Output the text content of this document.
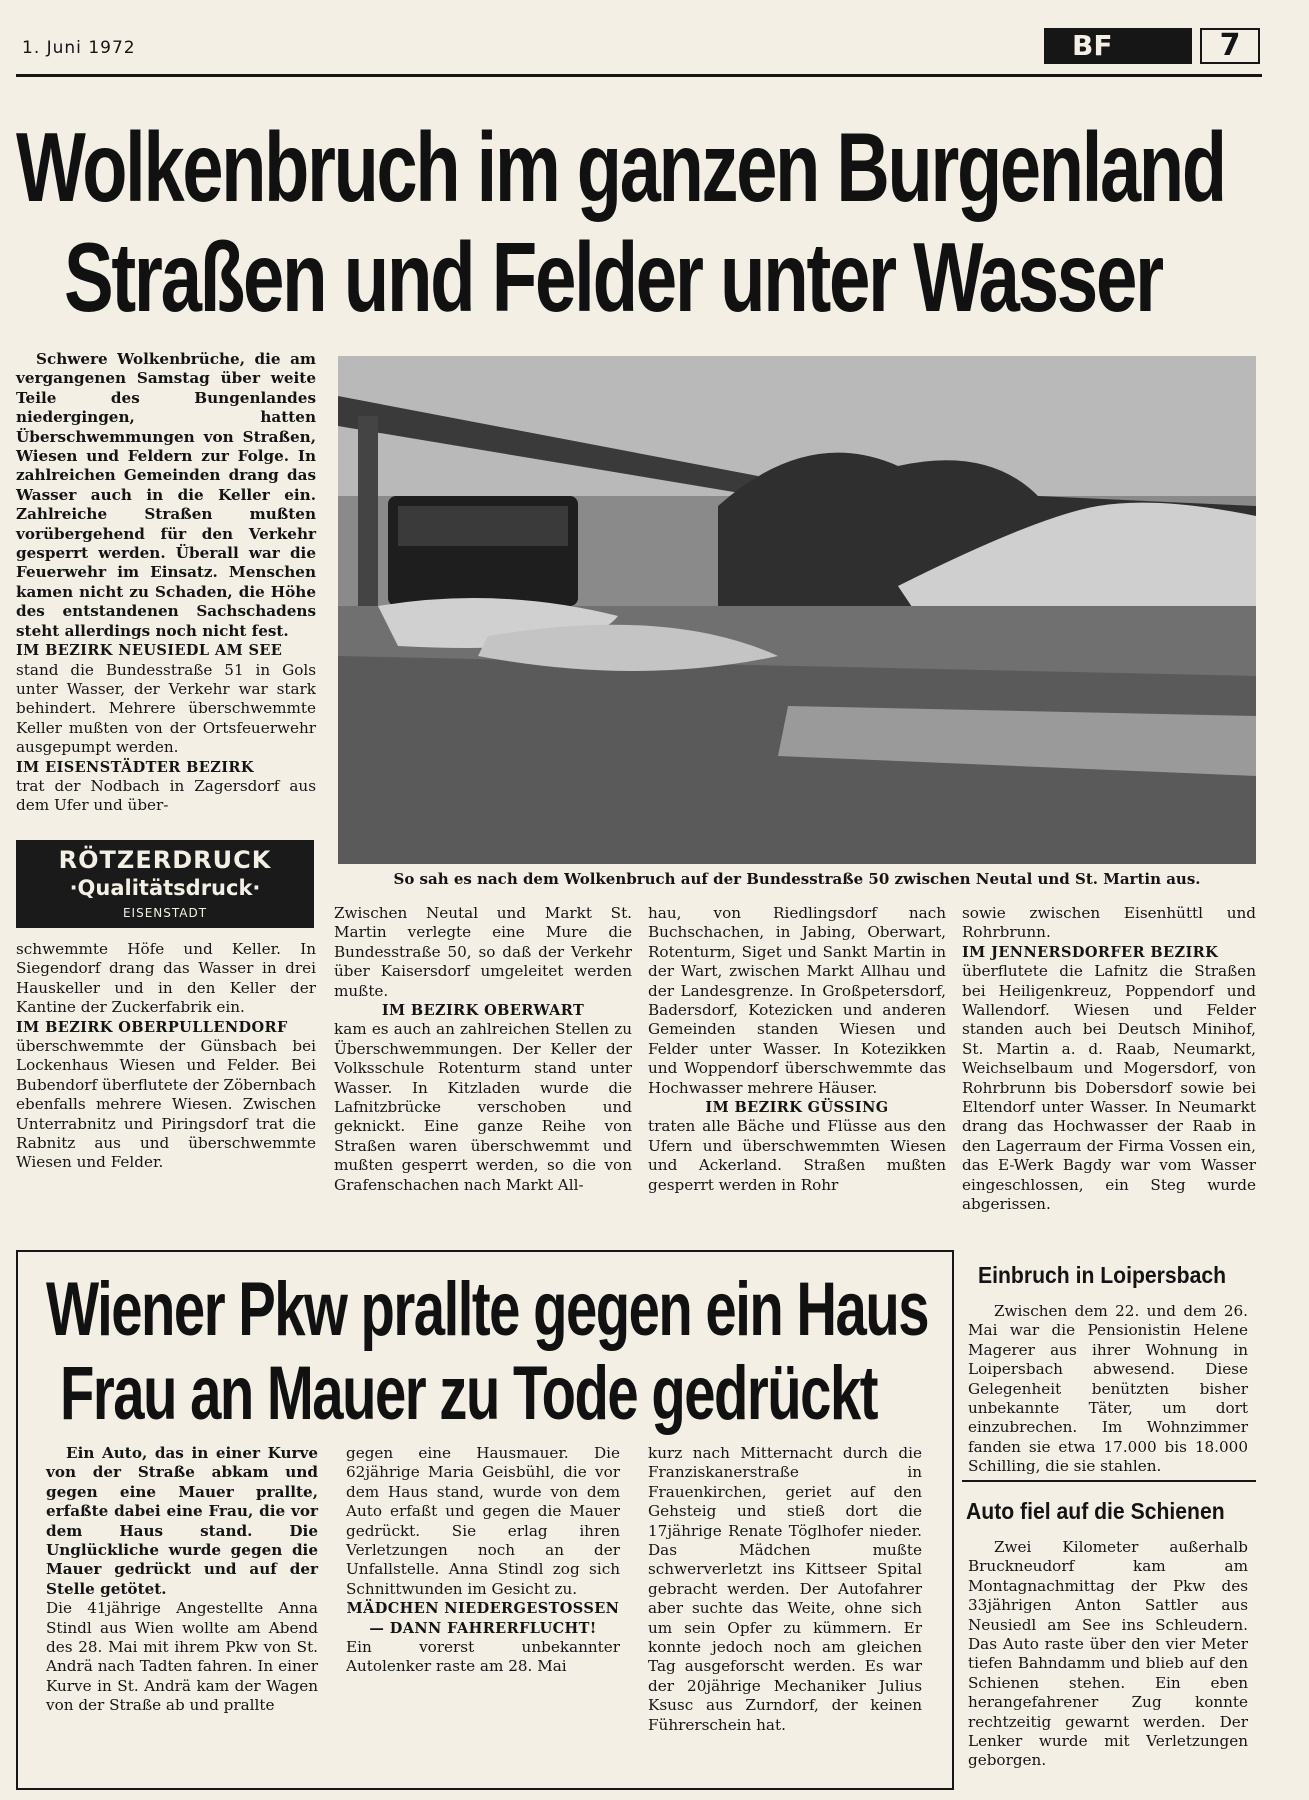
1. Juni 1972	BF	7
Wolkenbruch im ganzen Burgenland
Straßen und Felder unter Wasser

Schwere Wolkenbrüche, die am vergangenen Samstag über weite Teile des Bungenlandes niedergingen, hatten Überschwemmungen von Straßen, Wiesen und Feldern zur Folge. In zahlreichen Gemeinden drang das Wasser auch in die Keller ein. Zahlreiche Straßen mußten vorübergehend für den Verkehr gesperrt werden. Überall war die Feuerwehr im Einsatz. Menschen kamen nicht zu Schaden, die Höhe des entstandenen Sachschadens steht allerdings noch nicht fest.

IM BEZIRK NEUSIEDL AM SEE

stand die Bundesstraße 51 in Gols unter Wasser, der Verkehr war stark behindert. Mehrere überschwemmte Keller mußten von der Ortsfeuerwehr ausgepumpt werden.

IM EISENSTÄDTER BEZIRK

trat der Nodbach in Zagersdorf aus dem Ufer und über-

So sah es nach dem Wolkenbruch auf der Bundesstraße 50 zwischen Neutal und St. Martin aus.
RÖTZERDRUCK
·Qualitätsdruck·
EISENSTADT

schwemmte Höfe und Keller. In Siegendorf drang das Wasser in drei Hauskeller und in den Keller der Kantine der Zuckerfabrik ein.

IM BEZIRK OBERPULLENDORF

überschwemmte der Günsbach bei Lockenhaus Wiesen und Felder. Bei Bubendorf überflutete der Zöbernbach ebenfalls mehrere Wiesen. Zwischen Unterrabnitz und Piringsdorf trat die Rabnitz aus und überschwemmte Wiesen und Felder.

Zwischen Neutal und Markt St. Martin verlegte eine Mure die Bundesstraße 50, so daß der Verkehr über Kaisersdorf umgeleitet werden mußte.

IM BEZIRK OBERWART

kam es auch an zahlreichen Stellen zu Überschwemmungen. Der Keller der Volksschule Rotenturm stand unter Wasser. In Kitzladen wurde die Lafnitzbrücke verschoben und geknickt. Eine ganze Reihe von Straßen waren überschwemmt und mußten gesperrt werden, so die von Grafenschachen nach Markt All-

hau, von Riedlingsdorf nach Buchschachen, in Jabing, Oberwart, Rotenturm, Siget und Sankt Martin in der Wart, zwischen Markt Allhau und der Landesgrenze. In Großpetersdorf, Badersdorf, Kotezicken und anderen Gemeinden standen Wiesen und Felder unter Wasser. In Kotezikken und Woppendorf überschwemmte das Hochwasser mehrere Häuser.

IM BEZIRK GÜSSING

traten alle Bäche und Flüsse aus den Ufern und überschwemmten Wiesen und Ackerland. Straßen mußten gesperrt werden in Rohr

sowie zwischen Eisenhüttl und Rohrbrunn.

IM JENNERSDORFER BEZIRK

überflutete die Lafnitz die Straßen bei Heiligenkreuz, Poppendorf und Wallendorf. Wiesen und Felder standen auch bei Deutsch Minihof, St. Martin a. d. Raab, Neumarkt, Weichselbaum und Mogersdorf, von Rohrbrunn bis Dobersdorf sowie bei Eltendorf unter Wasser. In Neumarkt drang das Hochwasser der Raab in den Lagerraum der Firma Vossen ein, das E-Werk Bagdy war vom Wasser eingeschlossen, ein Steg wurde abgerissen.

Wiener Pkw prallte gegen ein Haus
Frau an Mauer zu Tode gedrückt

Ein Auto, das in einer Kurve von der Straße abkam und gegen eine Mauer prallte, erfaßte dabei eine Frau, die vor dem Haus stand. Die Unglückliche wurde gegen die Mauer gedrückt und auf der Stelle getötet.

Die 41jährige Angestellte Anna Stindl aus Wien wollte am Abend des 28. Mai mit ihrem Pkw von St. Andrä nach Tadten fahren. In einer Kurve in St. Andrä kam der Wagen von der Straße ab und prallte

gegen eine Hausmauer. Die 62jährige Maria Geisbühl, die vor dem Haus stand, wurde von dem Auto erfaßt und gegen die Mauer gedrückt. Sie erlag ihren Verletzungen noch an der Unfallstelle. Anna Stindl zog sich Schnittwunden im Gesicht zu.

MÄDCHEN NIEDERGESTOSSEN — DANN FAHRERFLUCHT!

Ein vorerst unbekannter Autolenker raste am 28. Mai

kurz nach Mitternacht durch die Franziskanerstraße in Frauenkirchen, geriet auf den Gehsteig und stieß dort die 17jährige Renate Töglhofer nieder. Das Mädchen mußte schwerverletzt ins Kittseer Spital gebracht werden. Der Autofahrer aber suchte das Weite, ohne sich um sein Opfer zu kümmern. Er konnte jedoch noch am gleichen Tag ausgeforscht werden. Es war der 20jährige Mechaniker Julius Ksusc aus Zurndorf, der keinen Führerschein hat.

Einbruch in Loipersbach

Zwischen dem 22. und dem 26. Mai war die Pensionistin Helene Magerer aus ihrer Wohnung in Loipersbach abwesend. Diese Gelegenheit benützten bisher unbekannte Täter, um dort einzubrechen. Im Wohnzimmer fanden sie etwa 17.000 bis 18.000 Schilling, die sie stahlen.

Auto fiel auf die Schienen

Zwei Kilometer außerhalb Bruckneudorf kam am Montagnachmittag der Pkw des 33jährigen Anton Sattler aus Neusiedl am See ins Schleudern. Das Auto raste über den vier Meter tiefen Bahndamm und blieb auf den Schienen stehen. Ein eben herangefahrener Zug konnte rechtzeitig gewarnt werden. Der Lenker wurde mit Verletzungen geborgen.
